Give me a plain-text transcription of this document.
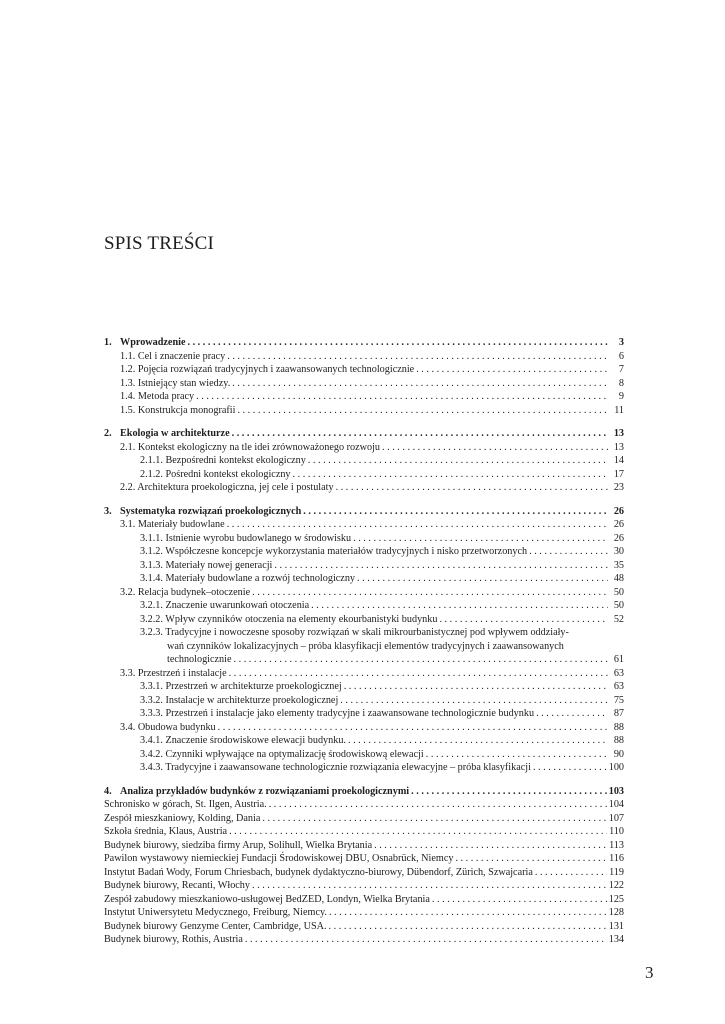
SPIS TREŚCI
1. Wprowadzenie . . .	3
1.1. Cel i znaczenie pracy . . .	6
1.2. Pojęcia rozwiązań tradycyjnych i zaawansowanych technologicznie . . .	7
1.3. Istniejący stan wiedzy. . . .	8
1.4. Metoda pracy . . .	9
1.5. Konstrukcja monografii . . .	11
2. Ekologia w architekturze . . .	13
2.1. Kontekst ekologiczny na tle idei zrównoważonego rozwoju . . .	13
2.1.1. Bezpośredni kontekst ekologiczny . . .	14
2.1.2. Pośredni kontekst ekologiczny . . .	17
2.2. Architektura proekologiczna, jej cele i postulaty . . .	23
3. Systematyka rozwiązań proekologicznych . . .	26
3.1. Materiały budowlane . . .	26
3.1.1. Istnienie wyrobu budowlanego w środowisku . . .	26
3.1.2. Współczesne koncepcje wykorzystania materiałów tradycyjnych i nisko przetworzonych . . .	30
3.1.3. Materiały nowej generacji . . .	35
3.1.4. Materiały budowlane a rozwój technologiczny . . .	48
3.2. Relacja budynek–otoczenie . . .	50
3.2.1. Znaczenie uwarunkowań otoczenia . . .	50
3.2.2. Wpływ czynników otoczenia na elementy ekourbanistyki budynku . . .	52
3.2.3. Tradycyjne i nowoczesne sposoby rozwiązań w skali mikrourbanistycznej pod wpływem oddziały-
wań czynników lokalizacyjnych – próba klasyfikacji elementów tradycyjnych i zaawansowanych
technologicznie . . .	61
3.3. Przestrzeń i instalacje . . .	63
3.3.1. Przestrzeń w architekturze proekologicznej . . .	63
3.3.2. Instalacje w architekturze proekologicznej . . .	75
3.3.3. Przestrzeń i instalacje jako elementy tradycyjne i zaawansowane technologicznie budynku . . .	87
3.4. Obudowa budynku . . .	88
3.4.1. Znaczenie środowiskowe elewacji budynku. . . .	88
3.4.2. Czynniki wpływające na optymalizację środowiskową elewacji . . .	90
3.4.3. Tradycyjne i zaawansowane technologicznie rozwiązania elewacyjne – próba klasyfikacji . . .	100
4. Analiza przykładów budynków z rozwiązaniami proekologicznymi . . .	103
Schronisko w górach, St. Ilgen, Austria. . . .	104
Zespół mieszkaniowy, Kolding, Dania . . .	107
Szkoła średnia, Klaus, Austria . . .	110
Budynek biurowy, siedziba firmy Arup, Solihull, Wielka Brytania . . .	113
Pawilon wystawowy niemieckiej Fundacji Środowiskowej DBU, Osnabrück, Niemcy . . .	116
Instytut Badań Wody, Forum Chriesbach, budynek dydaktyczno-biurowy, Dübendorf, Zürich, Szwajcaria . . .	119
Budynek biurowy, Recanti, Włochy . . .	122
Zespół zabudowy mieszkaniowo-usługowej BedZED, Londyn, Wielka Brytania . . .	125
Instytut Uniwersytetu Medycznego, Freiburg, Niemcy. . . .	128
Budynek biurowy Genzyme Center, Cambridge, USA. . . .	131
Budynek biurowy, Rothis, Austria . . .	134
3
